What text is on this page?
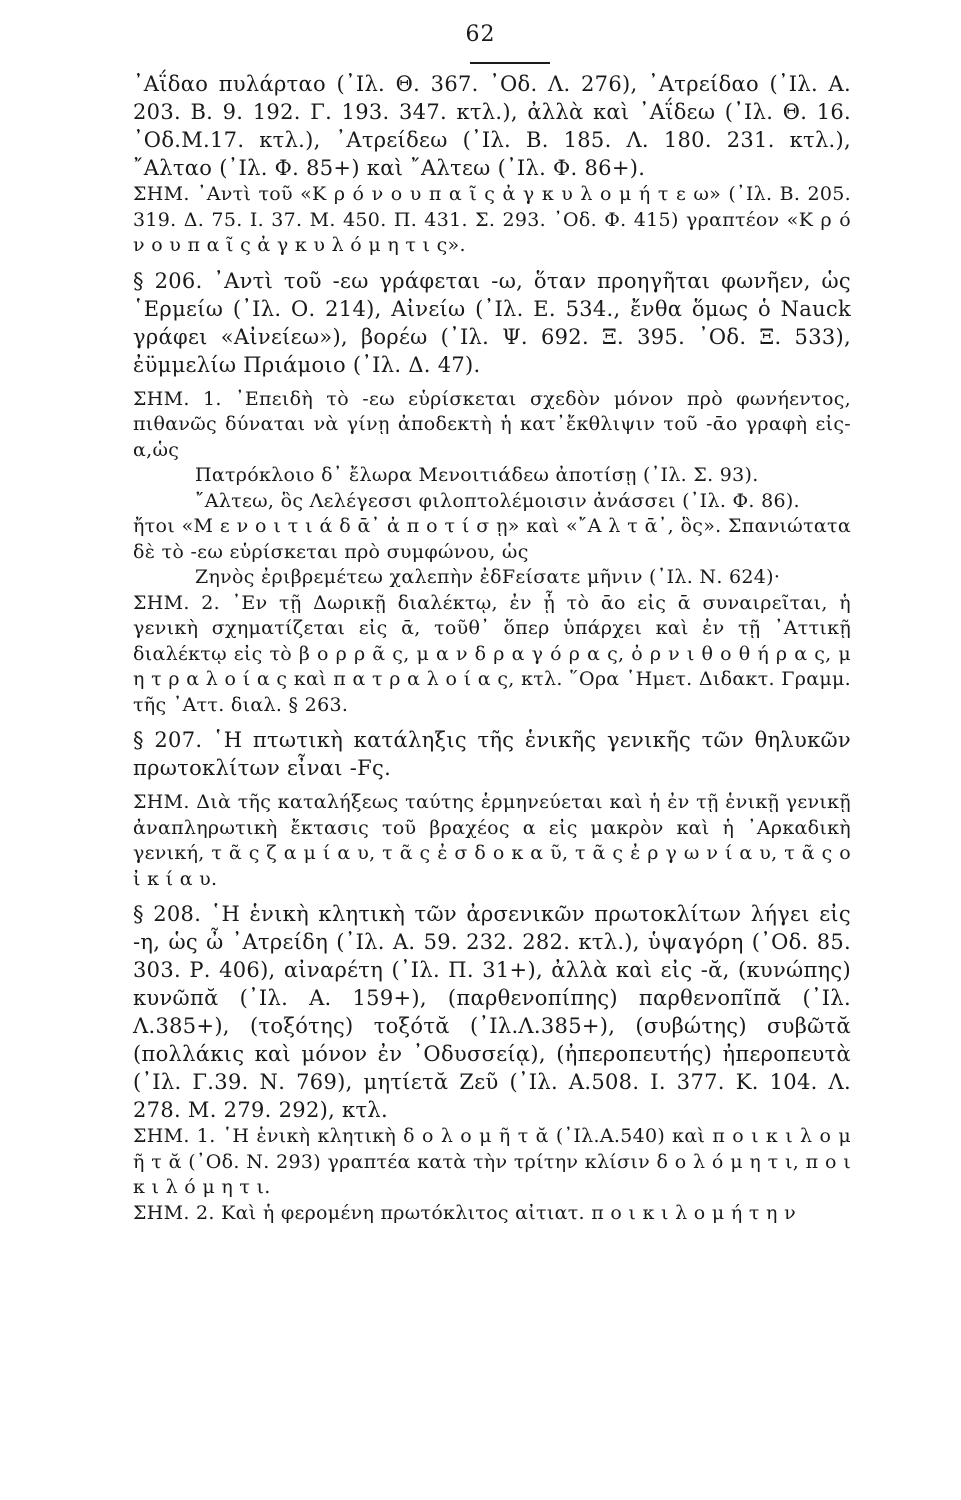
62

᾿Αΐδαο πυλάρταο (᾿Ιλ. Θ. 367. ᾿Οδ. Λ. 276), ᾿Ατρείδαο (᾿Ιλ. Α. 203. Β. 9. 192. Γ. 193. 347. κτλ.), ἀλλὰ καὶ ᾿Αΐδεω (᾿Ιλ. Θ. 16. ᾿Οδ.Μ.17. κτλ.), ᾿Ατρείδεω (᾿Ιλ. Β. 185. Λ. 180. 231. κτλ.), ῎Αλταο (᾿Ιλ. Φ. 85+) καὶ ῎Αλτεω (᾿Ιλ. Φ. 86+).

ΣΗΜ. ᾿Αντὶ τοῦ «Κ ρ ό ν ο υ π α ῖ ς ἀ γ κ υ λ ο μ ή τ ε ω» (᾿Ιλ. Β. 205. 319. Δ. 75. Ι. 37. Μ. 450. Π. 431. Σ. 293. ᾿Οδ. Φ. 415) γραπτέον «Κ ρ ό ν ο υ π α ῖ ς ἀ γ κ υ λ ό μ η τ ι ς».

§ 206. ᾿Αντὶ τοῦ -εω γράφεται -ω, ὅταν προηγῆται φωνῆεν, ὡς ῾Ερμείω (᾿Ιλ. Ο. 214), Αἰνείω (᾿Ιλ. Ε. 534., ἔνθα ὅμως ὁ Nauck γράφει «Αἰνείεω»), βορέω (᾿Ιλ. Ψ. 692. Ξ. 395. ᾿Οδ. Ξ. 533), ἐϋμμελίω Πριάμοιο (᾿Ιλ. Δ. 47).

ΣΗΜ. 1. ᾿Επειδὴ τὸ -εω εὑρίσκεται σχεδὸν μόνον πρὸ φωνήεντος, πιθανῶς δύναται νὰ γίνῃ ἀποδεκτὴ ἡ κατ᾿ἔκθλιψιν τοῦ -ᾱο γραφὴ εἰς-α,ὡς

Πατρόκλοιο δ᾿ ἔλωρα Μενοιτιάδεω ἀποτίσῃ (᾿Ιλ. Σ. 93).

῎Αλτεω, ὃς Λελέγεσσι φιλοπτολέμοισιν ἀνάσσει (᾿Ιλ. Φ. 86).

ἤτοι «Μ ε ν ο ι τ ι ά δ ᾱ᾿ ἀ π ο τ ί σ ῃ» καὶ «῎Α λ τ ᾱ᾿, ὃς». Σπανιώτατα δὲ τὸ -εω εὑρίσκεται πρὸ συμφώνου, ὡς

Ζηνὸς ἐριβρεμέτεω χαλεπὴν ἐδFείσατε μῆνιν (᾿Ιλ. Ν. 624)·

ΣΗΜ. 2. ᾿Εν τῇ Δωρικῇ διαλέκτῳ, ἐν ᾗ τὸ ᾱο εἰς ᾱ συναιρεῖται, ἡ γενικὴ σχηματίζεται εἰς ᾱ, τοῦθ᾿ ὅπερ ὑπάρχει καὶ ἐν τῇ ᾿Αττικῇ διαλέκτῳ εἰς τὸ β ο ρ ρ ᾶ ς, μ α ν δ ρ α γ ό ρ α ς, ὀ ρ ν ι θ ο θ ή ρ α ς, μ η τ ρ α λ ο ί α ς καὶ π α τ ρ α λ ο ί α ς, κτλ. ῞Ορα ῾Ημετ. Διδακτ. Γραμμ. τῆς ᾿Αττ. διαλ. § 263.

§ 207. ῾Η πτωτικὴ κατάληξις τῆς ἑνικῆς γενικῆς τῶν θηλυκῶν πρωτοκλίτων εἶναι -Fς.

ΣΗΜ. Διὰ τῆς καταλήξεως ταύτης ἑρμηνεύεται καὶ ἡ ἐν τῇ ἑνικῇ γενικῇ ἀναπληρωτικὴ ἔκτασις τοῦ βραχέος α εἰς μακρὸν καὶ ἡ ᾿Αρκαδικὴ γενική, τ ᾶ ς ζ α μ ί α υ, τ ᾶ ς ἐ σ δ ο κ α ῦ, τ ᾶ ς ἐ ρ γ ω ν ί α υ, τ ᾶ ς ο ἰ κ ί α υ.

§ 208. ῾Η ἑνικὴ κλητικὴ τῶν ἀρσενικῶν πρωτοκλίτων λήγει εἰς -η, ὡς ὦ ᾿Ατρείδη (᾿Ιλ. Α. 59. 232. 282. κτλ.), ὑψαγόρη (᾿Οδ. 85. 303. Ρ. 406), αἰναρέτη (᾿Ιλ. Π. 31+), ἀλλὰ καὶ εἰς -ᾰ, (κυνώπης) κυνῶπᾰ (᾿Ιλ. Α. 159+), (παρθενοπίπης) παρθενοπῖπᾰ (᾿Ιλ. Λ.385+), (τοξότης) τοξότᾰ (᾿Ιλ.Λ.385+), (συβώτης) συβῶτᾰ (πολλάκις καὶ μόνον ἐν ᾿Οδυσσείᾳ), (ἠπεροπευτής) ἠπεροπευτὰ (᾿Ιλ. Γ.39. Ν. 769), μητίετᾰ Ζεῦ (᾿Ιλ. Α.508. Ι. 377. Κ. 104. Λ. 278. Μ. 279. 292), κτλ.

ΣΗΜ. 1. ῾Η ἑνικὴ κλητικὴ δ ο λ ο μ ῆ τ ᾰ (᾿Ιλ.Α.540) καὶ π ο ι κ ι λ ο μ ῆ τ ᾰ (᾿Οδ. Ν. 293) γραπτέα κατὰ τὴν τρίτην κλίσιν δ ο λ ό μ η τ ι, π ο ι κ ι λ ό μ η τ ι.

ΣΗΜ. 2. Καὶ ἡ φερομένη πρωτόκλιτος αἰτιατ. π ο ι κ ι λ ο μ ή τ η ν
